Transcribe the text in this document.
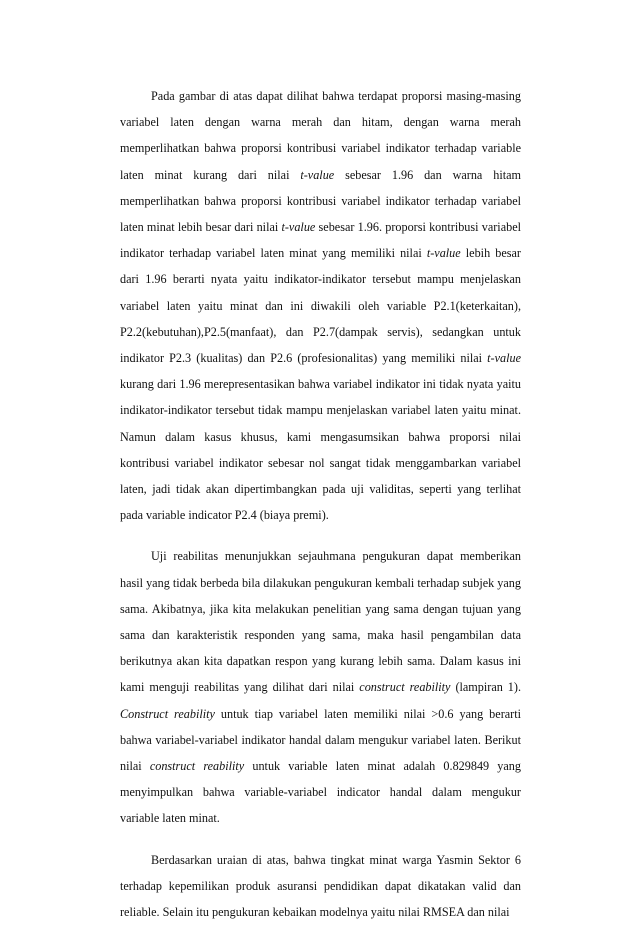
Pada gambar di atas dapat dilihat bahwa terdapat proporsi masing-masing variabel laten dengan warna merah dan hitam, dengan warna merah memperlihatkan bahwa proporsi kontribusi variabel indikator terhadap variable laten minat kurang dari nilai t-value sebesar 1.96 dan warna hitam memperlihatkan bahwa proporsi kontribusi variabel indikator terhadap variabel laten minat lebih besar dari nilai t-value sebesar 1.96. proporsi kontribusi variabel indikator terhadap variabel laten minat yang memiliki nilai t-value lebih besar dari 1.96 berarti nyata yaitu indikator-indikator tersebut mampu menjelaskan variabel laten yaitu minat dan ini diwakili oleh variable P2.1(keterkaitan), P2.2(kebutuhan),P2.5(manfaat), dan P2.7(dampak servis), sedangkan untuk indikator P2.3 (kualitas) dan P2.6 (profesionalitas) yang memiliki nilai t-value kurang dari 1.96 merepresentasikan bahwa variabel indikator ini tidak nyata yaitu indikator-indikator tersebut tidak mampu menjelaskan variabel laten yaitu minat. Namun dalam kasus khusus, kami mengasumsikan bahwa proporsi nilai kontribusi variabel indikator sebesar nol sangat tidak menggambarkan variabel laten, jadi tidak akan dipertimbangkan pada uji validitas, seperti yang terlihat pada variable indicator P2.4 (biaya premi).

Uji reabilitas menunjukkan sejauhmana pengukuran dapat memberikan hasil yang tidak berbeda bila dilakukan pengukuran kembali terhadap subjek yang sama. Akibatnya, jika kita melakukan penelitian yang sama dengan tujuan yang sama dan karakteristik responden yang sama, maka hasil pengambilan data berikutnya akan kita dapatkan respon yang kurang lebih sama. Dalam kasus ini kami menguji reabilitas yang dilihat dari nilai construct reability (lampiran 1). Construct reability untuk tiap variabel laten memiliki nilai >0.6 yang berarti bahwa variabel-variabel indikator handal dalam mengukur variabel laten. Berikut nilai construct reability untuk variable laten minat adalah 0.829849 yang menyimpulkan bahwa variable-variabel indicator handal dalam mengukur variable laten minat.

Berdasarkan uraian di atas, bahwa tingkat minat warga Yasmin Sektor 6 terhadap kepemilikan produk asuransi pendidikan dapat dikatakan valid dan reliable. Selain itu pengukuran kebaikan modelnya yaitu nilai RMSEA dan nilai
